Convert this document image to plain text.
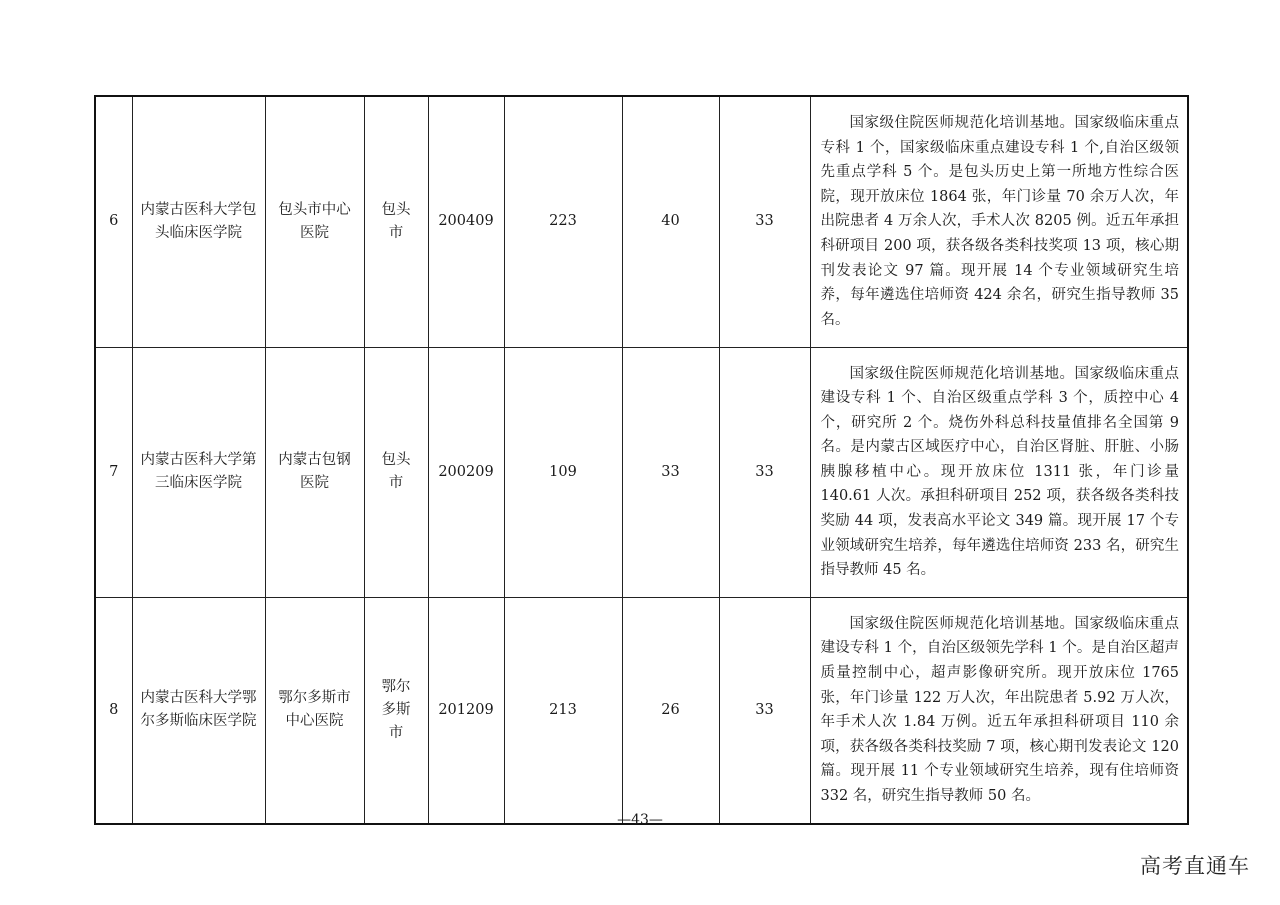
6	内蒙古医科大学包头临床医学院	包头市中心医院	包头市	200409	223	40	33	国家级住院医师规范化培训基地。国家级临床重点专科 1 个，国家级临床重点建设专科 1 个,自治区级领先重点学科 5 个。是包头历史上第一所地方性综合医院，现开放床位 1864 张，年门诊量 70 余万人次，年出院患者 4 万余人次，手术人次 8205 例。近五年承担科研项目 200 项，获各级各类科技奖项 13 项，核心期刊发表论文 97 篇。现开展 14 个专业领域研究生培养，每年遴选住培师资 424 余名，研究生指导教师 35 名。

7	内蒙古医科大学第三临床医学院	内蒙古包钢医院	包头市	200209	109	33	33	国家级住院医师规范化培训基地。国家级临床重点建设专科 1 个、自治区级重点学科 3 个，质控中心 4 个，研究所 2 个。烧伤外科总科技量值排名全国第 9 名。是内蒙古区域医疗中心，自治区肾脏、肝脏、小肠胰腺移植中心。现开放床位 1311 张，年门诊量 140.61 人次。承担科研项目 252 项，获各级各类科技奖励 44 项，发表高水平论文 349 篇。现开展 17 个专业领域研究生培养，每年遴选住培师资 233 名，研究生指导教师 45 名。

8	内蒙古医科大学鄂尔多斯临床医学院	鄂尔多斯市中心医院	鄂尔多斯市	201209	213	26	33	国家级住院医师规范化培训基地。国家级临床重点建设专科 1 个，自治区级领先学科 1 个。是自治区超声质量控制中心，超声影像研究所。现开放床位 1765 张，年门诊量 122 万人次，年出院患者 5.92 万人次，年手术人次 1.84 万例。近五年承担科研项目 110 余项，获各级各类科技奖励 7 项，核心期刊发表论文 120 篇。现开展 11 个专业领域研究生培养，现有住培师资 332 名，研究生指导教师 50 名。
—43—
高考直通车
